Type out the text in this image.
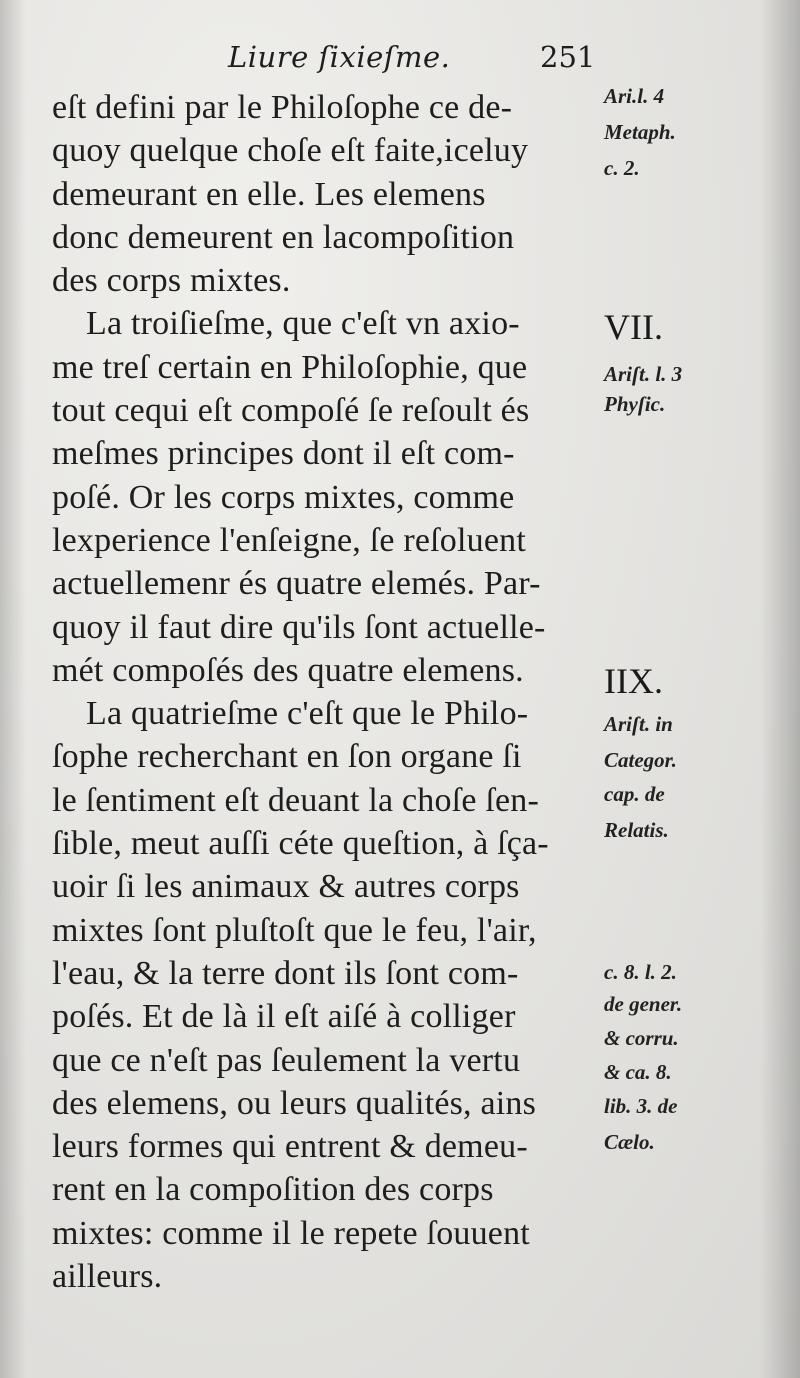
Liure ſixieſme.	251
eſt defini par le Philoſophe ce de-
quoy quelque choſe eſt faite,iceluy
demeurant en elle. Les elemens
donc demeurent en lacompoſition
des corps mixtes.
La troiſieſme, que c'eſt vn axio-
me treſ certain en Philoſophie, que
tout cequi eſt compoſé ſe reſoult és
meſmes principes dont il eſt com-
poſé. Or les corps mixtes, comme
lexperience l'enſeigne, ſe reſoluent
actuellemenr és quatre elemés. Par-
quoy il faut dire qu'ils ſont actuelle-
mét compoſés des quatre elemens.
La quatrieſme c'eſt que le Philo-
ſophe recherchant en ſon organe ſi
le ſentiment eſt deuant la choſe ſen-
ſible, meut auſſi céte queſtion, à ſça-
uoir ſi les animaux & autres corps
mixtes ſont pluſtoſt que le feu, l'air,
l'eau, & la terre dont ils ſont com-
poſés. Et de là il eſt aiſé à colliger
que ce n'eſt pas ſeulement la vertu
des elemens, ou leurs qualités, ains
leurs formes qui entrent & demeu-
rent en la compoſition des corps
mixtes: comme il le repete ſouuent
ailleurs.
Ari.l. 4
Metaph.
c. 2.
VII.
Ariſt. l. 3
Phyſic.
IIX.
Ariſt. in
Categor.
cap. de
Relatis.
c. 8. l. 2.
de gener.
& corru.
& ca. 8.
lib. 3. de
Cælo.
